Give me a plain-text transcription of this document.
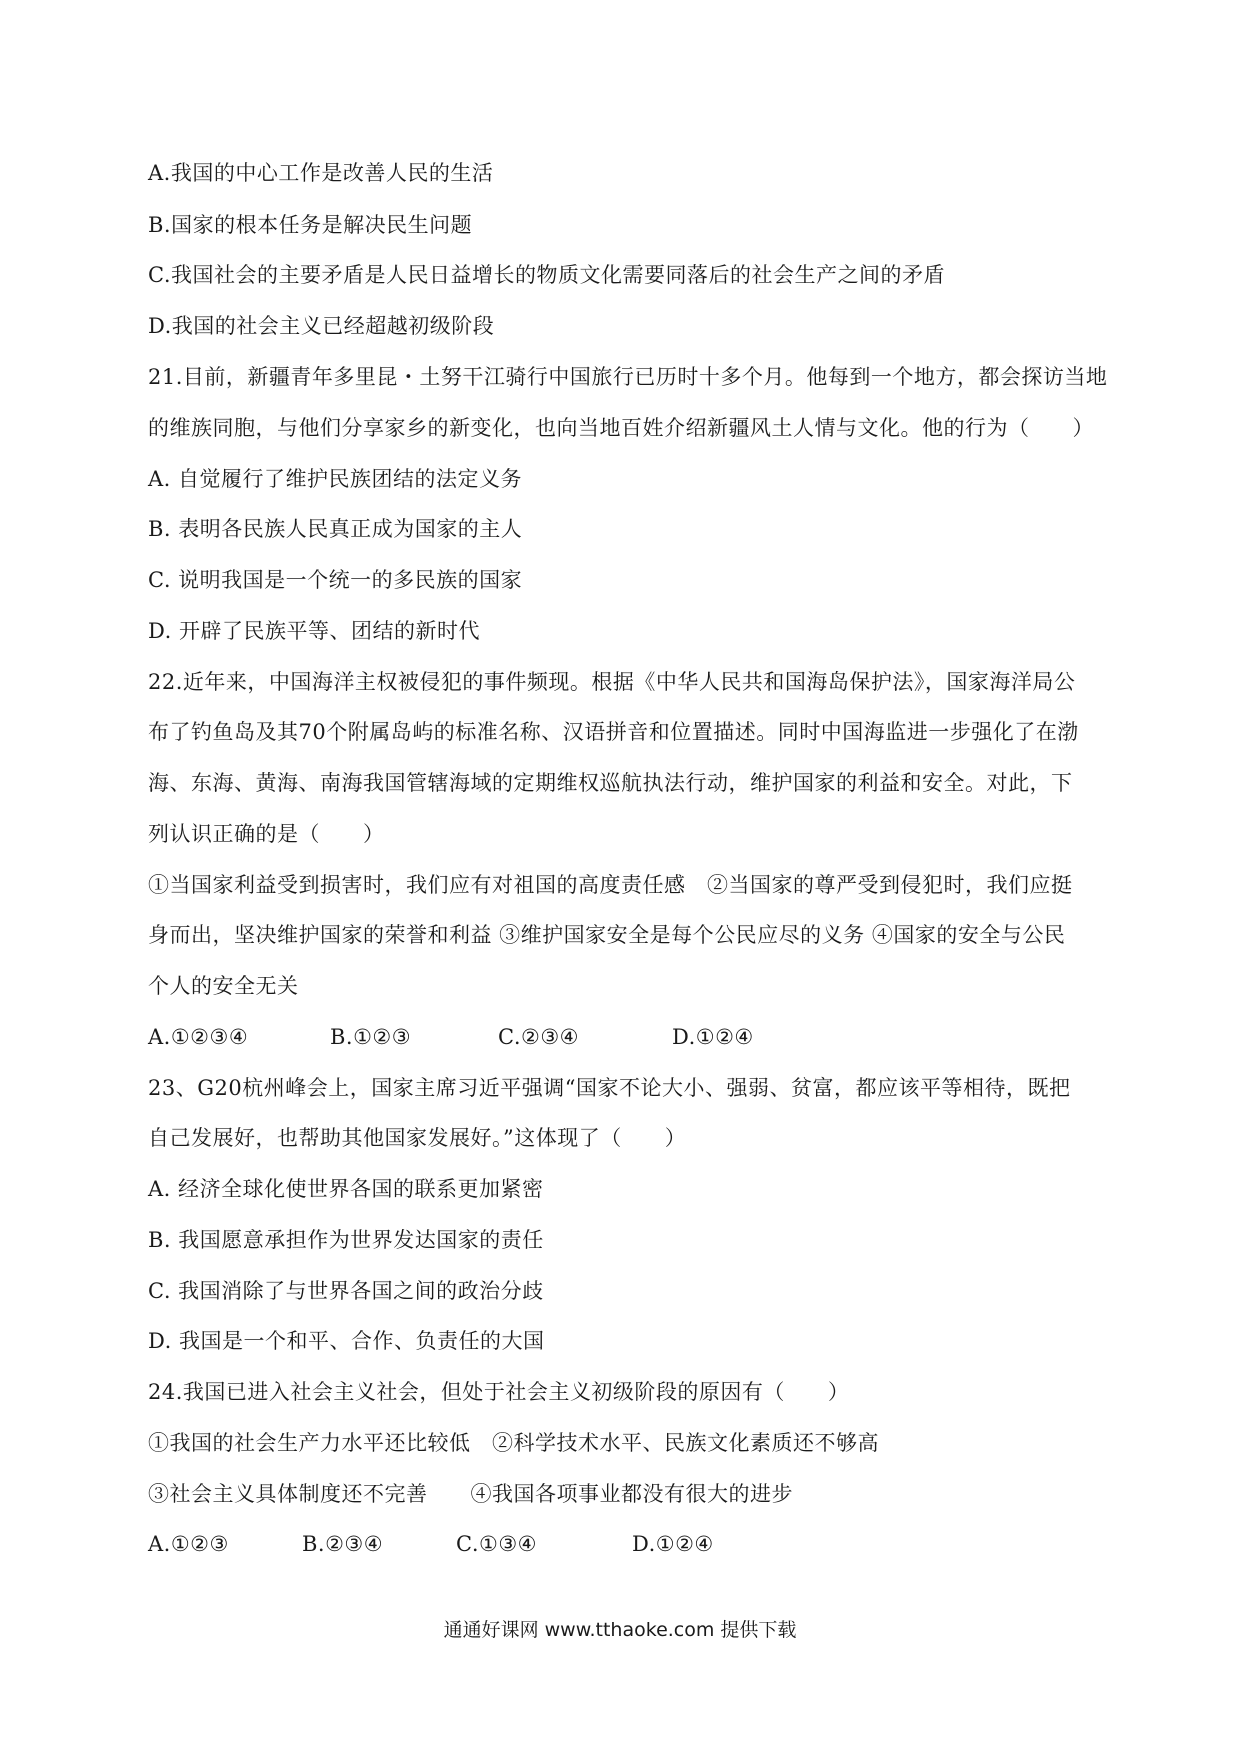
A.我国的中心工作是改善人民的生活
B.国家的根本任务是解决民生问题
C.我国社会的主要矛盾是人民日益增长的物质文化需要同落后的社会生产之间的矛盾
D.我国的社会主义已经超越初级阶段
21.目前，新疆青年多里昆・土努干江骑行中国旅行已历时十多个月。他每到一个地方，都会探访当地
的维族同胞，与他们分享家乡的新变化，也向当地百姓介绍新疆风土人情与文化。他的行为（　　）
A. 自觉履行了维护民族团结的法定义务
B. 表明各民族人民真正成为国家的主人
C. 说明我国是一个统一的多民族的国家
D. 开辟了民族平等、团结的新时代
22.近年来，中国海洋主权被侵犯的事件频现。根据《中华人民共和国海岛保护法》，国家海洋局公
布了钓鱼岛及其70个附属岛屿的标准名称、汉语拼音和位置描述。同时中国海监进一步强化了在渤
海、东海、黄海、南海我国管辖海域的定期维权巡航执法行动，维护国家的利益和安全。对此，下
列认识正确的是（　　）
①当国家利益受到损害时，我们应有对祖国的高度责任感　②当国家的尊严受到侵犯时，我们应挺
身而出，坚决维护国家的荣誉和利益 ③维护国家安全是每个公民应尽的义务 ④国家的安全与公民
个人的安全无关
A.①②③④	B.①②③	C.②③④	D.①②④
23、G20杭州峰会上，国家主席习近平强调“国家不论大小、强弱、贫富，都应该平等相待，既把
自己发展好，也帮助其他国家发展好。”这体现了（　　）
A. 经济全球化使世界各国的联系更加紧密
B. 我国愿意承担作为世界发达国家的责任
C. 我国消除了与世界各国之间的政治分歧
D. 我国是一个和平、合作、负责任的大国
24.我国已进入社会主义社会，但处于社会主义初级阶段的原因有（　　）
①我国的社会生产力水平还比较低　②科学技术水平、民族文化素质还不够高
③社会主义具体制度还不完善　　④我国各项事业都没有很大的进步
A.①②③	B.②③④	C.①③④	D.①②④
通通好课网 www.tthaoke.com 提供下载
